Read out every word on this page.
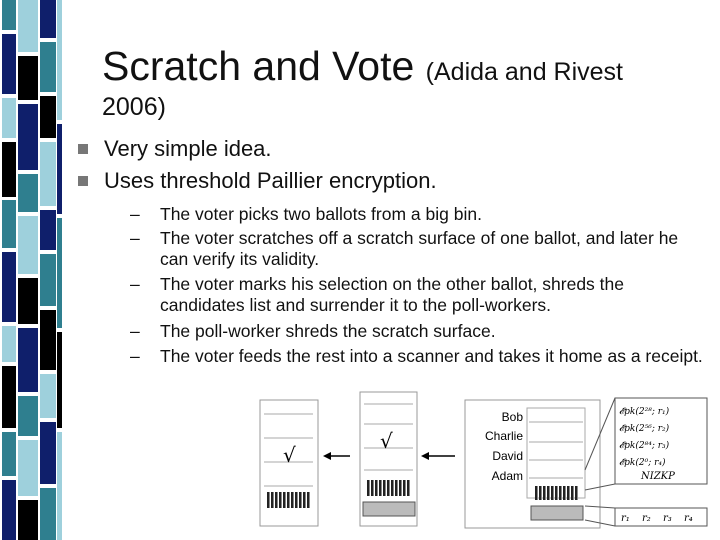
Scratch and Vote (Adida and Rivest
2006)
Very simple idea.
Uses threshold Paillier encryption.
– The voter picks two ballots from a big bin.
– The voter scratches off a scratch surface of one ballot, and later he can verify its validity.
– The voter marks his selection on the other ballot, shreds the candidates list and surrender it to the poll-workers.
– The poll-worker shreds the scratch surface.
– The voter feeds the rest into a scanner and takes it home as a receipt.
√
√
Bob
Charlie
David
Adam
𝓔pk(2²⁸; r₁)
𝓔pk(2⁵⁶; r₂)
𝓔pk(2⁸⁴; r₃)
𝓔pk(2⁰; r₄)
NIZKP
r₁ r₂ r₃ r₄
